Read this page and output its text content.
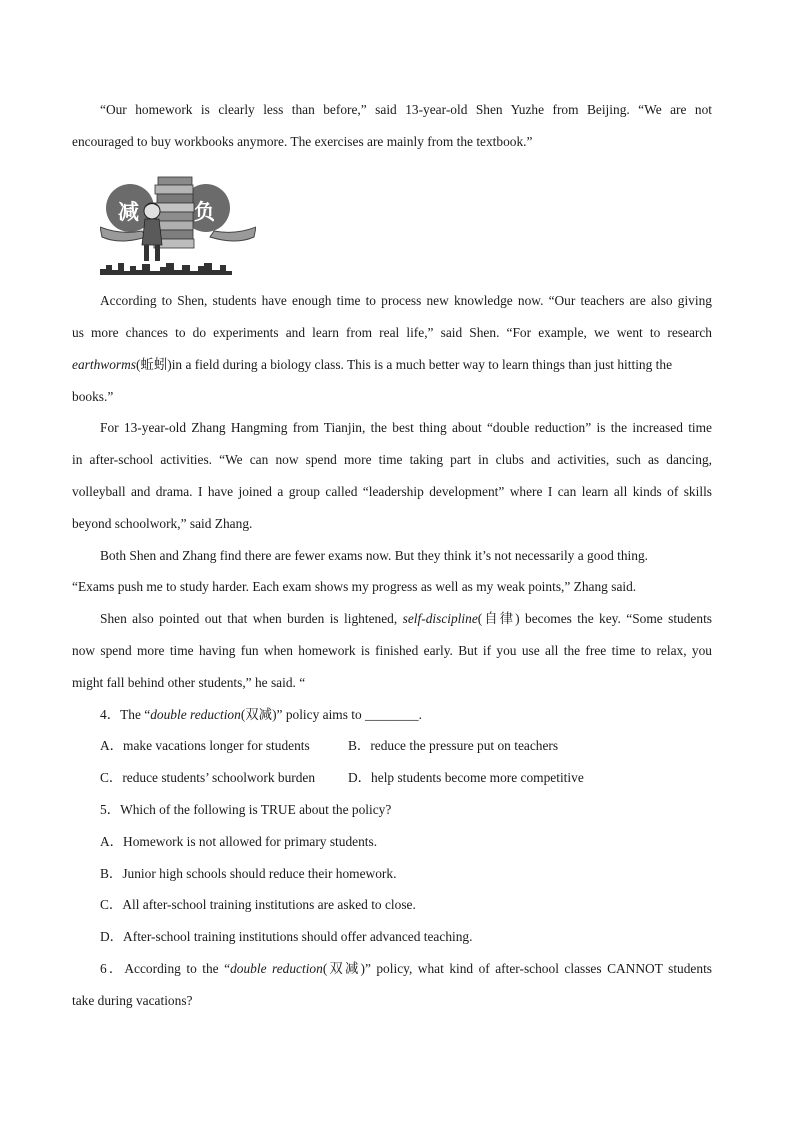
“Our homework is clearly less than before,” said 13-year-old Shen Yuzhe from Beijing. “We are not
encouraged to buy workbooks anymore. The exercises are mainly from the textbook.”
减	负
According to Shen, students have enough time to process new knowledge now. “Our teachers are also giving
us more chances to do experiments and learn from real life,” said Shen. “For example, we went to research
earthworms(蚯蚓)in a field during a biology class. This is a much better way to learn things than just hitting the
books.”
For 13-year-old Zhang Hangming from Tianjin, the best thing about “double reduction” is the increased time
in after-school activities. “We can now spend more time taking part in clubs and activities, such as dancing,
volleyball and drama. I have joined a group called “leadership development” where I can learn all kinds of skills
beyond schoolwork,” said Zhang.
Both Shen and Zhang find there are fewer exams now. But they think it’s not necessarily a good thing.
“Exams push me to study harder. Each exam shows my progress as well as my weak points,” Zhang said.
Shen also pointed out that when burden is lightened, self-discipline(自律) becomes the key. “Some students
now spend more time having fun when homework is finished early. But if you use all the free time to relax, you
might fall behind other students,” he said. “
4．The “double reduction(双减)” policy aims to ________.
A．make vacations longer for students	B．reduce the pressure put on teachers
C．reduce students’ schoolwork burden D．help students become more competitive
5．Which of the following is TRUE about the policy?
A．Homework is not allowed for primary students.
B．Junior high schools should reduce their homework.
C．All after-school training institutions are asked to close.
D．After-school training institutions should offer advanced teaching.
6．According to the “double reduction(双减)” policy, what kind of after-school classes CANNOT students
take during vacations?
